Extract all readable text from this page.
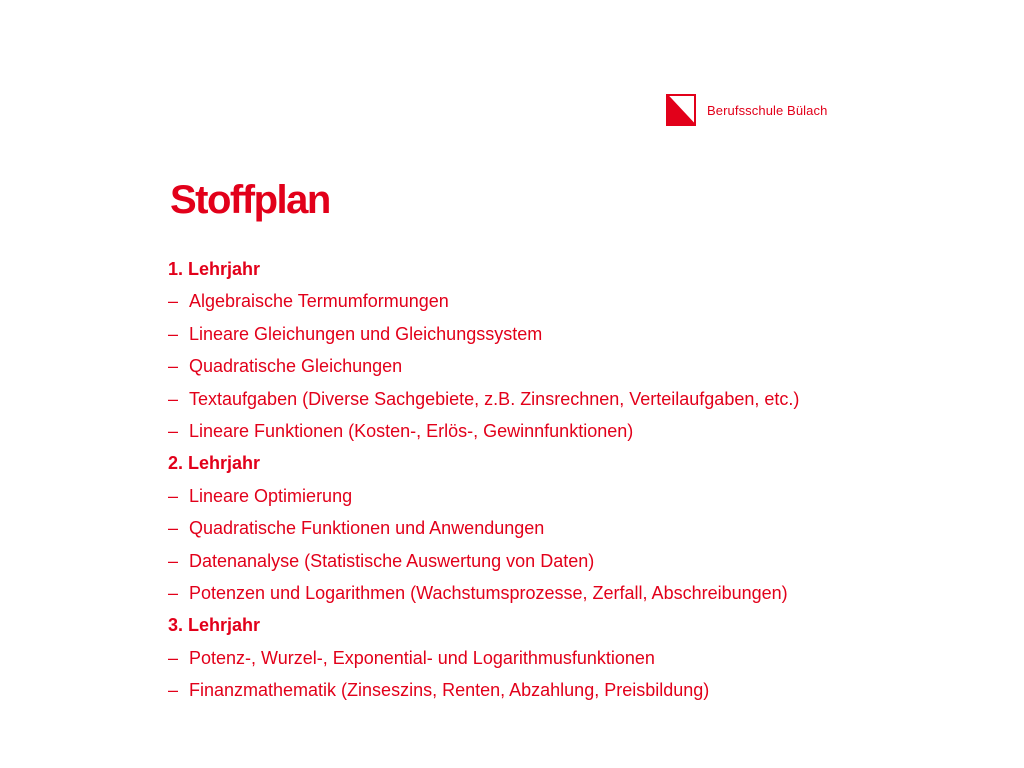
Berufsschule Bülach
Stoffplan
1. Lehrjahr
– Algebraische Termumformungen
– Lineare Gleichungen und Gleichungssystem
– Quadratische Gleichungen
– Textaufgaben (Diverse Sachgebiete, z.B. Zinsrechnen, Verteilaufgaben, etc.)
– Lineare Funktionen (Kosten-, Erlös-, Gewinnfunktionen)
2. Lehrjahr
– Lineare Optimierung
– Quadratische Funktionen und Anwendungen
– Datenanalyse (Statistische Auswertung von Daten)
– Potenzen und Logarithmen (Wachstumsprozesse, Zerfall, Abschreibungen)
3. Lehrjahr
– Potenz-, Wurzel-, Exponential- und Logarithmusfunktionen
– Finanzmathematik (Zinseszins, Renten, Abzahlung, Preisbildung)
